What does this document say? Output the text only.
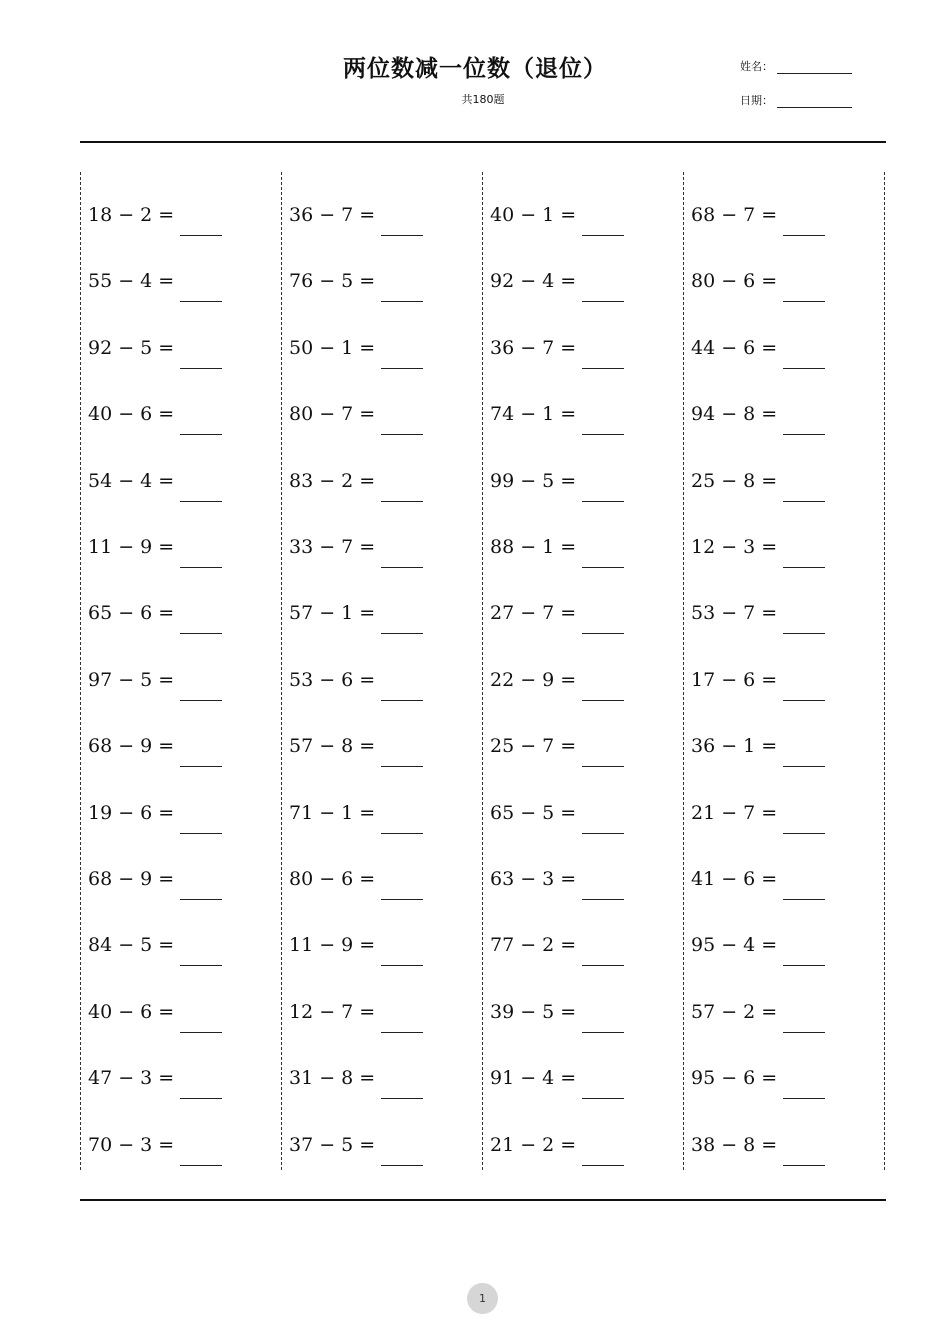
两位数减一位数（退位）
共180题
姓名：
日期：
18 − 2 =
55 − 4 =
92 − 5 =
40 − 6 =
54 − 4 =
11 − 9 =
65 − 6 =
97 − 5 =
68 − 9 =
19 − 6 =
68 − 9 =
84 − 5 =
40 − 6 =
47 − 3 =
70 − 3 =
36 − 7 =
76 − 5 =
50 − 1 =
80 − 7 =
83 − 2 =
33 − 7 =
57 − 1 =
53 − 6 =
57 − 8 =
71 − 1 =
80 − 6 =
11 − 9 =
12 − 7 =
31 − 8 =
37 − 5 =
40 − 1 =
92 − 4 =
36 − 7 =
74 − 1 =
99 − 5 =
88 − 1 =
27 − 7 =
22 − 9 =
25 − 7 =
65 − 5 =
63 − 3 =
77 − 2 =
39 − 5 =
91 − 4 =
21 − 2 =
68 − 7 =
80 − 6 =
44 − 6 =
94 − 8 =
25 − 8 =
12 − 3 =
53 − 7 =
17 − 6 =
36 − 1 =
21 − 7 =
41 − 6 =
95 − 4 =
57 − 2 =
95 − 6 =
38 − 8 =
1
